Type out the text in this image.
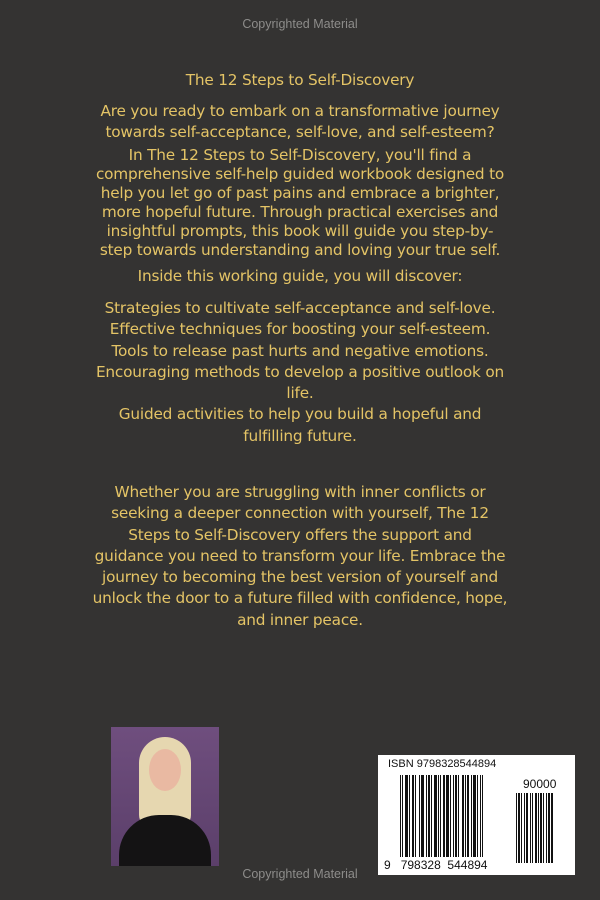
Copyrighted Material
The 12 Steps to Self-Discovery
Are you ready to embark on a transformative journey
towards self-acceptance, self-love, and self-esteem?
In The 12 Steps to Self-Discovery, you'll find a
comprehensive self-help guided workbook designed to
help you let go of past pains and embrace a brighter,
more hopeful future. Through practical exercises and
insightful prompts, this book will guide you step-by-
step towards understanding and loving your true self.
Inside this working guide, you will discover:
Strategies to cultivate self-acceptance and self-love.
Effective techniques for boosting your self-esteem.
Tools to release past hurts and negative emotions.
Encouraging methods to develop a positive outlook on
life.
Guided activities to help you build a hopeful and
fulfilling future.
Whether you are struggling with inner conflicts or
seeking a deeper connection with yourself, The 12
Steps to Self-Discovery offers the support and
guidance you need to transform your life. Embrace the
journey to becoming the best version of yourself and
unlock the door to a future filled with confidence, hope,
and inner peace.
ISBN 9798328544894
90000
9 798328 544894
Copyrighted Material
